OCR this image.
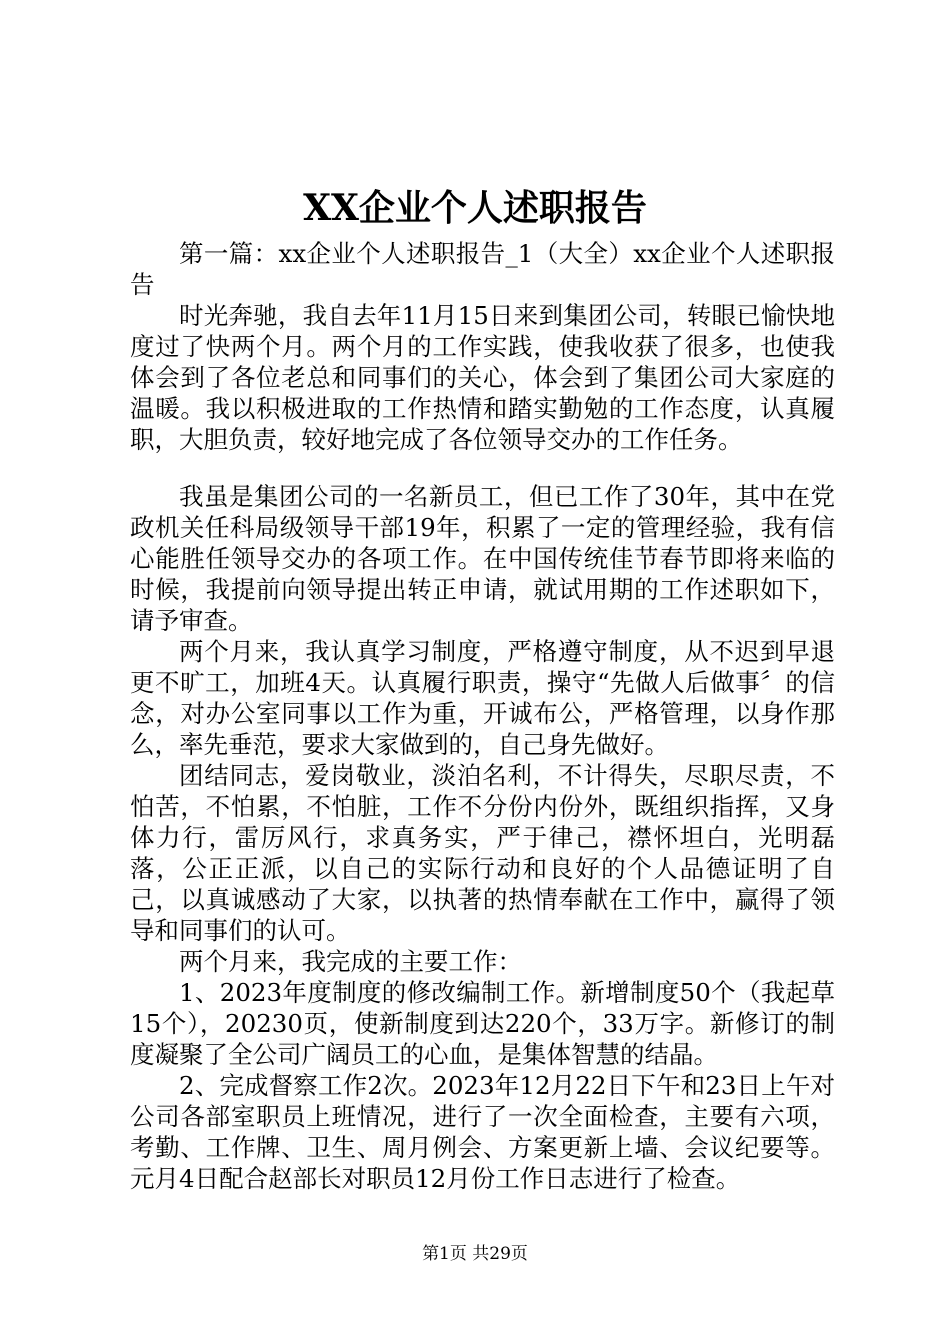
XX企业个人述职报告

第一篇：xx企业个人述职报告_1（大全）xx企业个人述职报告

时光奔驰，我自去年11月15日来到集团公司，转眼已愉快地度过了快两个月。两个月的工作实践，使我收获了很多，也使我体会到了各位老总和同事们的关心，体会到了集团公司大家庭的温暖。我以积极进取的工作热情和踏实勤勉的工作态度，认真履职，大胆负责，较好地完成了各位领导交办的工作任务。

我虽是集团公司的一名新员工，但已工作了30年，其中在党政机关任科局级领导干部19年，积累了一定的管理经验，我有信心能胜任领导交办的各项工作。在中国传统佳节春节即将来临的时候，我提前向领导提出转正申请，就试用期的工作述职如下，请予审查。

两个月来，我认真学习制度，严格遵守制度，从不迟到早退更不旷工，加班4天。认真履行职责，操守“先做人后做事〞的信念，对办公室同事以工作为重，开诚布公，严格管理，以身作那么，率先垂范，要求大家做到的，自己身先做好。

团结同志，爱岗敬业，淡泊名利，不计得失，尽职尽责，不怕苦，不怕累，不怕脏，工作不分份内份外，既组织指挥，又身体力行，雷厉风行，求真务实，严于律己，襟怀坦白，光明磊落，公正正派，以自己的实际行动和良好的个人品德证明了自己，以真诚感动了大家，以执著的热情奉献在工作中，赢得了领导和同事们的认可。

两个月来，我完成的主要工作：

1、2023年度制度的修改编制工作。新增制度50个（我起草15个），20230页，使新制度到达220个，33万字。新修订的制度凝聚了全公司广阔员工的心血，是集体智慧的结晶。

2、完成督察工作2次。2023年12月22日下午和23日上午对公司各部室职员上班情况，进行了一次全面检查，主要有六项，考勤、工作牌、卫生、周月例会、方案更新上墙、会议纪要等。元月4日配合赵部长对职员12月份工作日志进行了检查。

第1页 共29页
